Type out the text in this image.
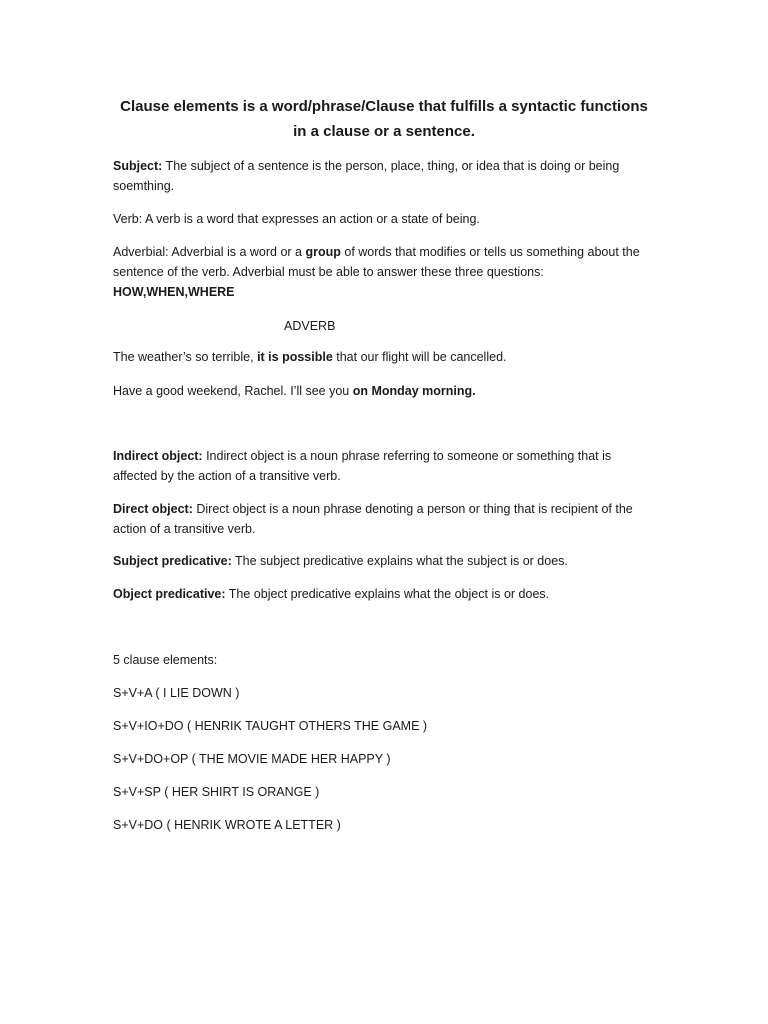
Clause elements is a word/phrase/Clause that fulfills a syntactic functions
in a clause or a sentence.

Subject: The subject of a sentence is the person, place, thing, or idea that is doing or being soemthing.

Verb: A verb is a word that expresses an action or a state of being.

Adverbial: Adverbial is a word or a group of words that modifies or tells us something about the sentence of the verb. Adverbial must be able to answer these three questions:
HOW,WHEN,WHERE

ADVERB

The weather’s so terrible, it is possible that our flight will be cancelled.

Have a good weekend, Rachel. I’ll see you on Monday morning.

Indirect object: Indirect object is a noun phrase referring to someone or something that is affected by the action of a transitive verb.

Direct object: Direct object is a noun phrase denoting a person or thing that is recipient of the action of a transitive verb.

Subject predicative: The subject predicative explains what the subject is or does.

Object predicative: The object predicative explains what the object is or does.

5 clause elements:

S+V+A ( I LIE DOWN )

S+V+IO+DO ( HENRIK TAUGHT OTHERS THE GAME )

S+V+DO+OP ( THE MOVIE MADE HER HAPPY )

S+V+SP ( HER SHIRT IS ORANGE )

S+V+DO ( HENRIK WROTE A LETTER )
